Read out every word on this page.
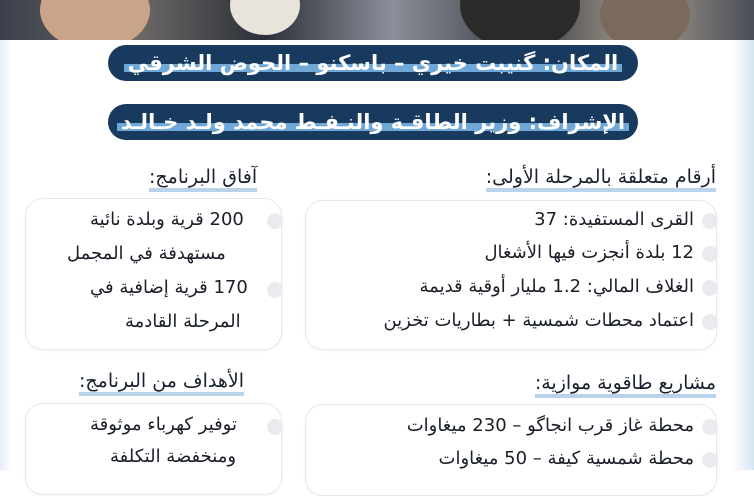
المكان: گنيبت خيري – باسكنو – الحوض الشرقي
الإشراف: وزير الطاقـة والنـفـط محمد ولـد خـالـد
أرقام متعلقة بالمرحلة الأولى:
القرى المستفيدة: 37
12 بلدة أنجزت فيها الأشغال
الغلاف المالي: 1.2 مليار أوقية قديمة
اعتماد محطات شمسية + بطاريات تخزين
آفاق البرنامج:
200 قرية وبلدة نائية
مستهدفة في المجمل
170 قرية إضافية في
المرحلة القادمة
مشاريع طاقوية موازية:
محطة غاز قرب انجاگو – 230 ميغاوات
محطة شمسية كيفة – 50 ميغاوات
الأهداف من البرنامج:
توفير كهرباء موثوقة
ومنخفضة التكلفة
